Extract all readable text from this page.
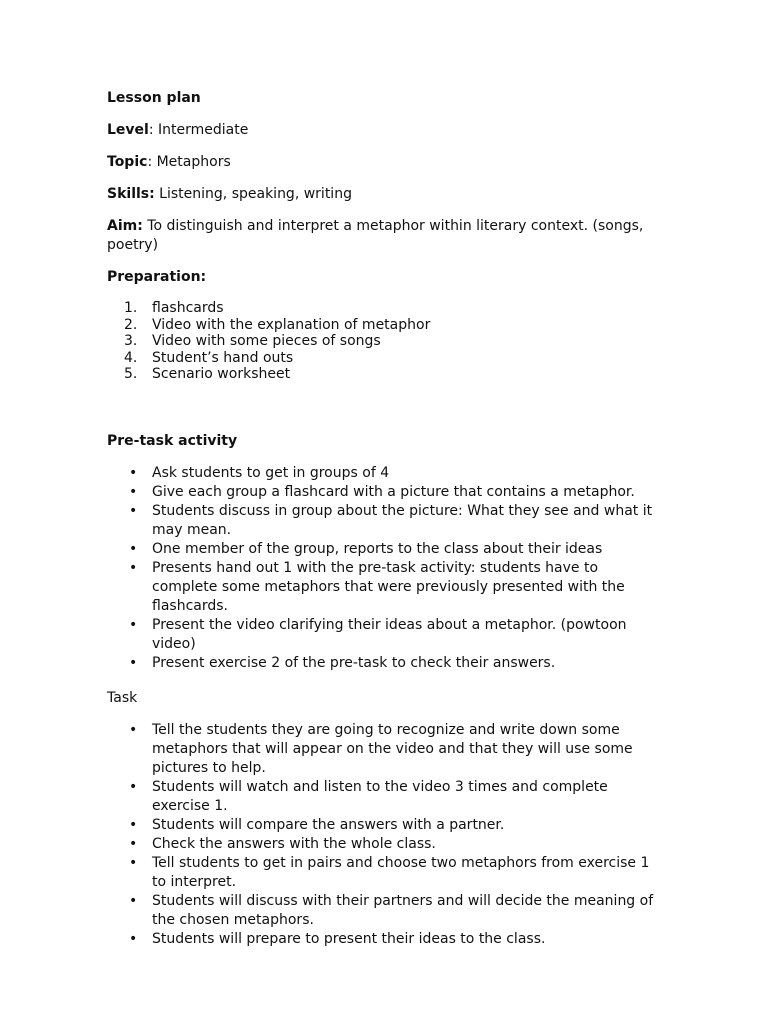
Lesson plan
Level: Intermediate
Topic: Metaphors
Skills: Listening, speaking, writing
Aim: To distinguish and interpret a metaphor within literary context. (songs, poetry)
Preparation:
1. flashcards
2. Video with the explanation of metaphor
3. Video with some pieces of songs
4. Student’s hand outs
5. Scenario worksheet
Pre-task activity
• Ask students to get in groups of 4
• Give each group a flashcard with a picture that contains a metaphor.
• Students discuss in group about the picture: What they see and what it may mean.
• One member of the group, reports to the class about their ideas
• Presents hand out 1 with the pre-task activity: students have to complete some metaphors that were previously presented with the flashcards.
• Present the video clarifying their ideas about a metaphor. (powtoon video)
• Present exercise 2 of the pre-task to check their answers.
Task
• Tell the students they are going to recognize and write down some metaphors that will appear on the video and that they will use some pictures to help.
• Students will watch and listen to the video 3 times and complete exercise 1.
• Students will compare the answers with a partner.
• Check the answers with the whole class.
• Tell students to get in pairs and choose two metaphors from exercise 1 to interpret.
• Students will discuss with their partners and will decide the meaning of the chosen metaphors.
• Students will prepare to present their ideas to the class.
